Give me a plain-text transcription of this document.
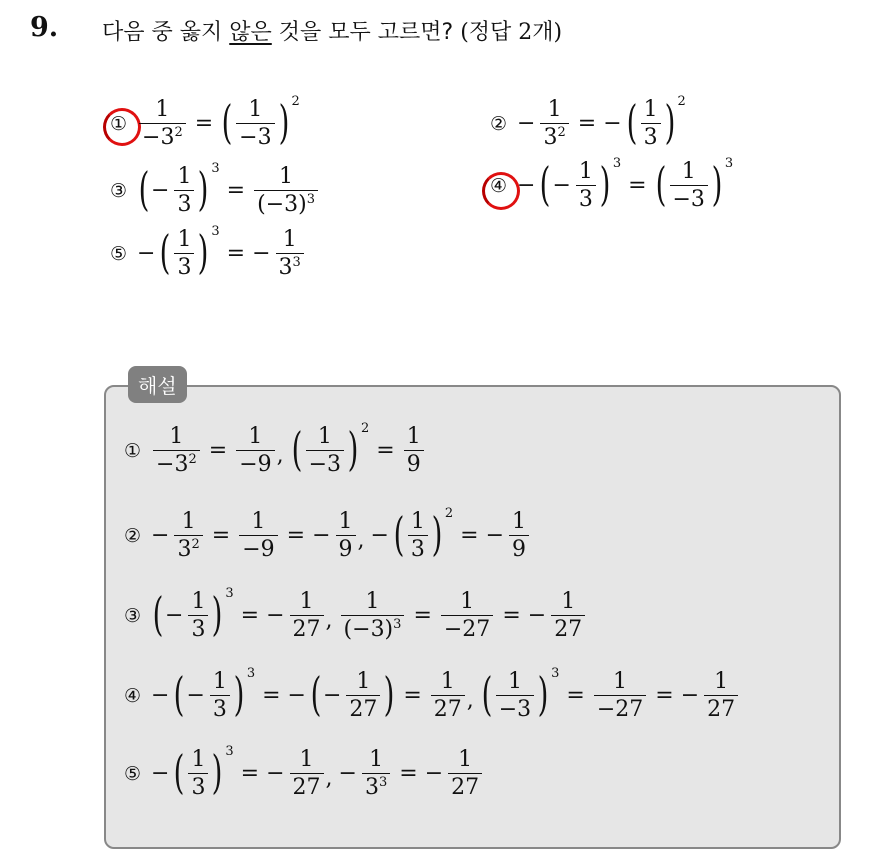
9. 다음 중 옳지 않은 것을 모두 고르면? (정답 2개)
① $\frac{1}{-3^2}$ = ( $\frac{1}{-3}$ ) 2
② − $\frac{1}{3^2}$ = − ( $\frac{1}{3}$ ) 2
③ ( − $\frac{1}{3}$ ) 3
= $\frac{1}{(-3)^3}$	④ − ( − $\frac{1}{3}$ ) 3
= ( $\frac{1}{-3}$ ) 3
⑤ − ( $\frac{1}{3}$ ) 3
= − $\frac{1}{3^3}$
해설
① $\frac{1}{-3^2} = \frac{1}{-9}$ , ( $\frac{1}{-3}$ ) 2
= $\frac{1}{9}$
② − $\frac{1}{3^2} = \frac{1}{-9}$ = − $\frac{1}{9}$ , − ( $\frac{1}{3}$ ) 2
= − $\frac{1}{9}$
③ ( − $\frac{1}{3}$ ) 3
= − $\frac{1}{27}$ , $\frac{1}{(-3)^3} = \frac{1}{-27}$ = − $\frac{1}{27}$
④ − ( − $\frac{1}{3}$ ) 3
= − ( − $\frac{1}{27}$ ) = $\frac{1}{27}$ , ( $\frac{1}{-3}$ ) 3
= $\frac{1}{-27}$ = − $\frac{1}{27}$
⑤ − ( $\frac{1}{3}$ ) 3
= − $\frac{1}{27}$ , − $\frac{1}{3^3}$ = − $\frac{1}{27}$
